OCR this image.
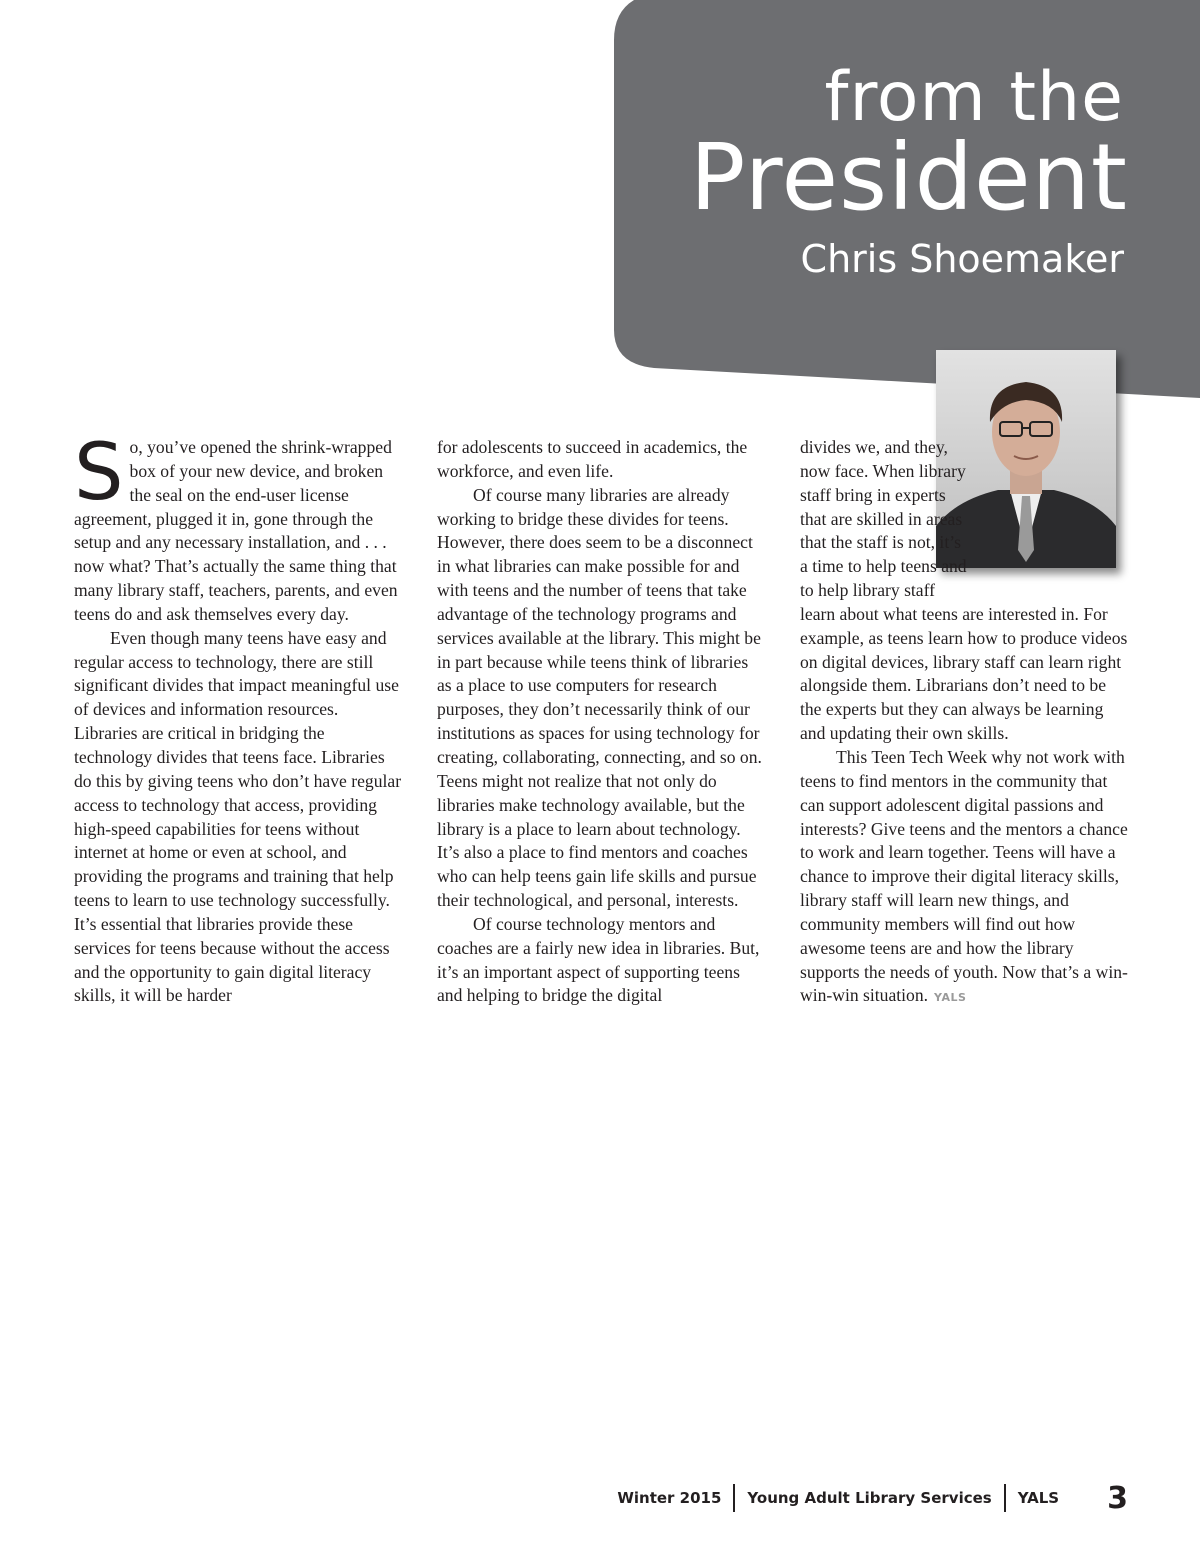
from the
President
Chris Shoemaker

So, you’ve opened the shrink-wrapped box of your new device, and broken the seal on the end-user license agreement, plugged it in, gone through the setup and any necessary installation, and . . . now what? That’s actually the same thing that many library staff, teachers, parents, and even teens do and ask themselves every day.

Even though many teens have easy and regular access to technology, there are still significant divides that impact meaningful use of devices and information resources. Libraries are critical in bridging the technology divides that teens face. Libraries do this by giving teens who don’t have regular access to technology that access, providing high-speed capabilities for teens without internet at home or even at school, and providing the programs and training that help teens to learn to use technology successfully. It’s essential that libraries provide these services for teens because without the access and the opportunity to gain digital literacy skills, it will be harder

for adolescents to succeed in academics, the workforce, and even life.

Of course many libraries are already working to bridge these divides for teens. However, there does seem to be a disconnect in what libraries can make possible for and with teens and the number of teens that take advantage of the technology programs and services available at the library. This might be in part because while teens think of libraries as a place to use computers for research purposes, they don’t necessarily think of our institutions as spaces for using technology for creating, collaborating, connecting, and so on. Teens might not realize that not only do libraries make technology available, but the library is a place to learn about technology. It’s also a place to find mentors and coaches who can help teens gain life skills and pursue their technological, and personal, interests.

Of course technology mentors and coaches are a fairly new idea in libraries. But, it’s an important aspect of supporting teens and helping to bridge the digital

divides we, and they, now face. When library staff bring in experts that are skilled in areas that the staff is not, it’s a time to help teens and to help library staff learn about what teens are interested in. For example, as teens learn how to produce videos on digital devices, library staff can learn right alongside them. Librarians don’t need to be the experts but they can always be learning and updating their own skills.

This Teen Tech Week why not work with teens to find mentors in the community that can support adolescent digital passions and interests? Give teens and the mentors a chance to work and learn together. Teens will have a chance to improve their digital literacy skills, library staff will learn new things, and community members will find out how awesome teens are and how the library supports the needs of youth. Now that’s a win-win-win situation. YALS

Winter 2015 Young Adult Library Services YALS 3
